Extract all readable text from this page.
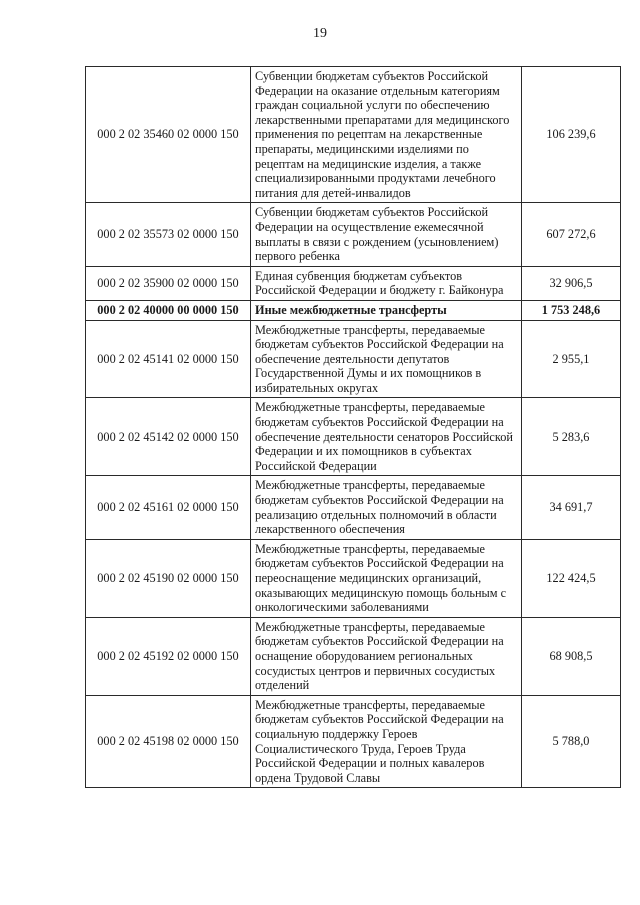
19
000 2 02 35460 02 0000 150	Субвенции бюджетам субъектов Российской Федерации на оказание отдельным категориям граждан социальной услуги по обеспечению лекарственными препаратами для медицинского применения по рецептам на лекарственные препараты, медицинскими изделиями по рецептам на медицинские изделия, а также специализированными продуктами лечебного питания для детей-инвалидов	106 239,6
000 2 02 35573 02 0000 150	Субвенции бюджетам субъектов Российской Федерации на осуществление ежемесячной выплаты в связи с рождением (усыновлением) первого ребенка	607 272,6
000 2 02 35900 02 0000 150	Единая субвенция бюджетам субъектов Российской Федерации и бюджету г. Байконура	32 906,5
000 2 02 40000 00 0000 150	Иные межбюджетные трансферты	1 753 248,6
000 2 02 45141 02 0000 150	Межбюджетные трансферты, передаваемые бюджетам субъектов Российской Федерации на обеспечение деятельности депутатов Государственной Думы и их помощников в избирательных округах	2 955,1
000 2 02 45142 02 0000 150	Межбюджетные трансферты, передаваемые бюджетам субъектов Российской Федерации на обеспечение деятельности сенаторов Российской Федерации и их помощников в субъектах Российской Федерации	5 283,6
000 2 02 45161 02 0000 150	Межбюджетные трансферты, передаваемые бюджетам субъектов Российской Федерации на реализацию отдельных полномочий в области лекарственного обеспечения	34 691,7
000 2 02 45190 02 0000 150	Межбюджетные трансферты, передаваемые бюджетам субъектов Российской Федерации на переоснащение медицинских организаций, оказывающих медицинскую помощь больным с онкологическими заболеваниями	122 424,5
000 2 02 45192 02 0000 150	Межбюджетные трансферты, передаваемые бюджетам субъектов Российской Федерации на оснащение оборудованием региональных сосудистых центров и первичных сосудистых отделений	68 908,5
000 2 02 45198 02 0000 150	Межбюджетные трансферты, передаваемые бюджетам субъектов Российской Федерации на социальную поддержку Героев Социалистического Труда, Героев Труда Российской Федерации и полных кавалеров ордена Трудовой Славы	5 788,0
